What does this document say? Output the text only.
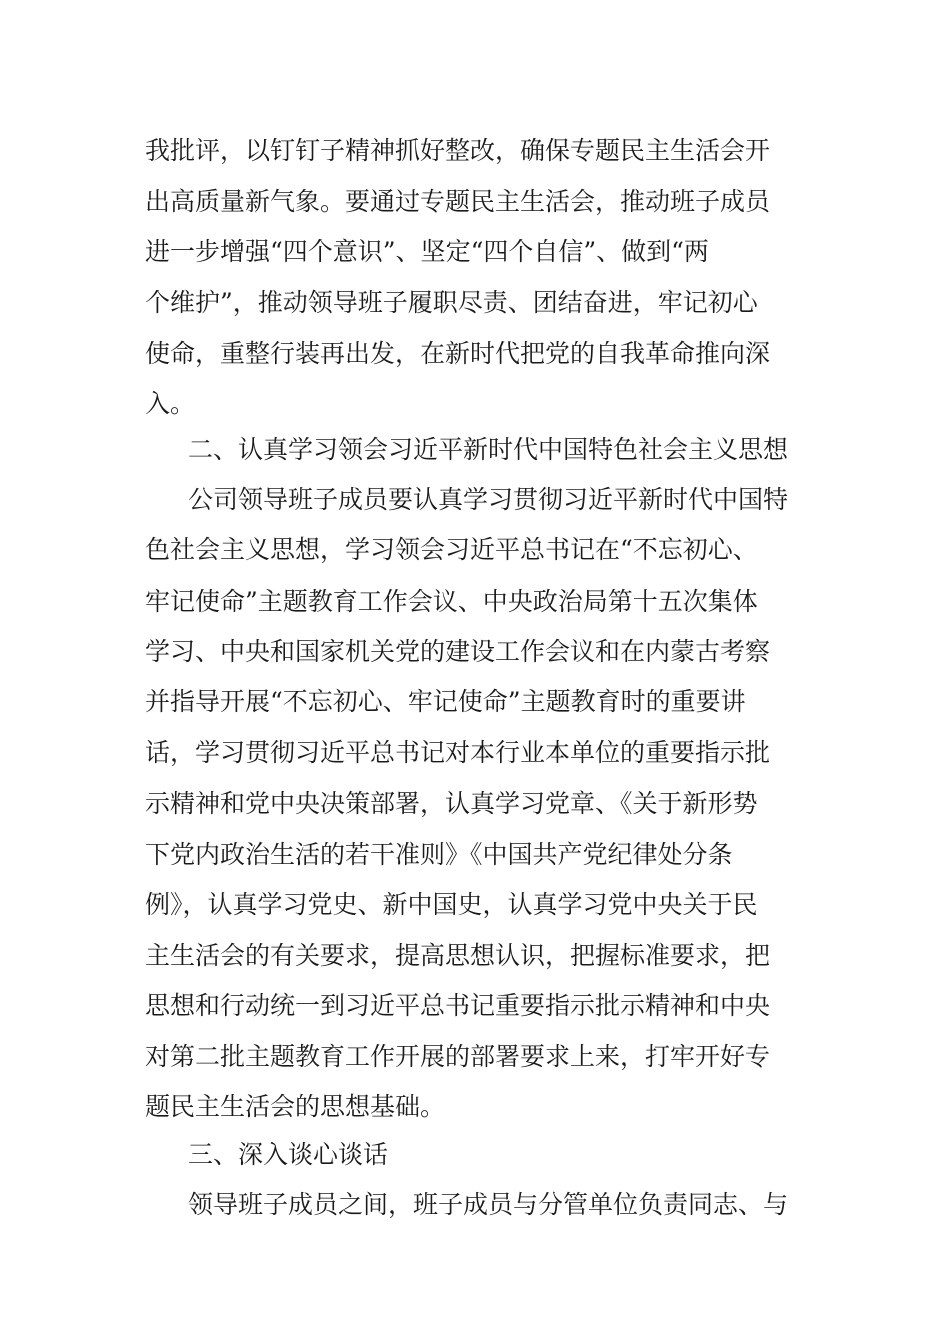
我批评，以钉钉子精神抓好整改，确保专题民主生活会开
出高质量新气象。要通过专题民主生活会，推动班子成员
进一步增强“四个意识”、坚定“四个自信”、做到“两
个维护”，推动领导班子履职尽责、团结奋进，牢记初心
使命，重整行装再出发，在新时代把党的自我革命推向深
入。
二、认真学习领会习近平新时代中国特色社会主义思想
公司领导班子成员要认真学习贯彻习近平新时代中国特
色社会主义思想，学习领会习近平总书记在“不忘初心、
牢记使命”主题教育工作会议、中央政治局第十五次集体
学习、中央和国家机关党的建设工作会议和在内蒙古考察
并指导开展“不忘初心、牢记使命”主题教育时的重要讲
话，学习贯彻习近平总书记对本行业本单位的重要指示批
示精神和党中央决策部署，认真学习党章、《关于新形势
下党内政治生活的若干准则》《中国共产党纪律处分条
例》，认真学习党史、新中国史，认真学习党中央关于民
主生活会的有关要求，提高思想认识，把握标准要求，把
思想和行动统一到习近平总书记重要指示批示精神和中央
对第二批主题教育工作开展的部署要求上来，打牢开好专
题民主生活会的思想基础。
三、深入谈心谈话
领导班子成员之间，班子成员与分管单位负责同志、与
